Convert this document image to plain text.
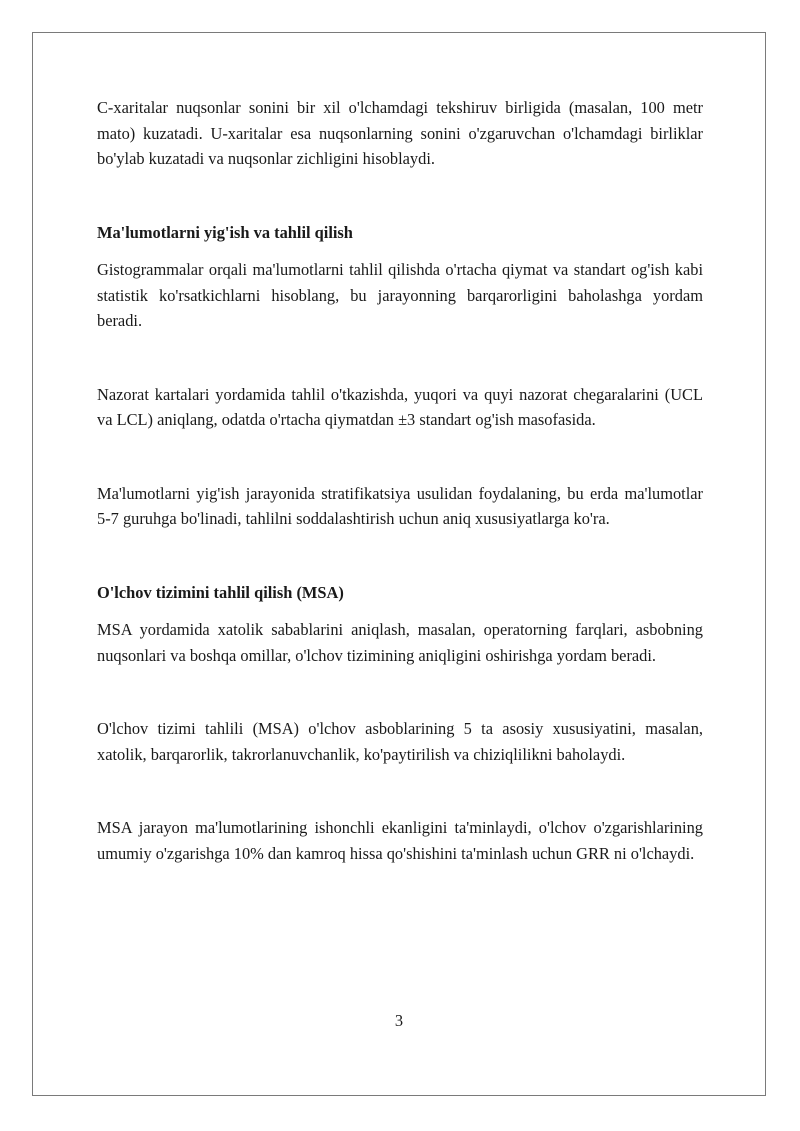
C-xaritalar nuqsonlar sonini bir xil o'lchamdagi tekshiruv birligida (masalan, 100 metr mato) kuzatadi. U-xaritalar esa nuqsonlarning sonini o'zgaruvchan o'lchamdagi birliklar bo'ylab kuzatadi va nuqsonlar zichligini hisoblaydi.

Ma'lumotlarni yig'ish va tahlil qilish

Gistogrammalar orqali ma'lumotlarni tahlil qilishda o'rtacha qiymat va standart og'ish kabi statistik ko'rsatkichlarni hisoblang, bu jarayonning barqarorligini baholashga yordam beradi.

Nazorat kartalari yordamida tahlil o'tkazishda, yuqori va quyi nazorat chegaralarini (UCL va LCL) aniqlang, odatda o'rtacha qiymatdan ±3 standart og'ish masofasida.

Ma'lumotlarni yig'ish jarayonida stratifikatsiya usulidan foydalaning, bu erda ma'lumotlar 5-7 guruhga bo'linadi, tahlilni soddalashtirish uchun aniq xususiyatlarga ko'ra.

O'lchov tizimini tahlil qilish (MSA)

MSA yordamida xatolik sabablarini aniqlash, masalan, operatorning farqlari, asbobning nuqsonlari va boshqa omillar, o'lchov tizimining aniqligini oshirishga yordam beradi.

O'lchov tizimi tahlili (MSA) o'lchov asboblarining 5 ta asosiy xususiyatini, masalan, xatolik, barqarorlik, takrorlanuvchanlik, ko'paytirilish va chiziqlilikni baholaydi.

MSA jarayon ma'lumotlarining ishonchli ekanligini ta'minlaydi, o'lchov o'zgarishlarining umumiy o'zgarishga 10% dan kamroq hissa qo'shishini ta'minlash uchun GRR ni o'lchaydi.

3
